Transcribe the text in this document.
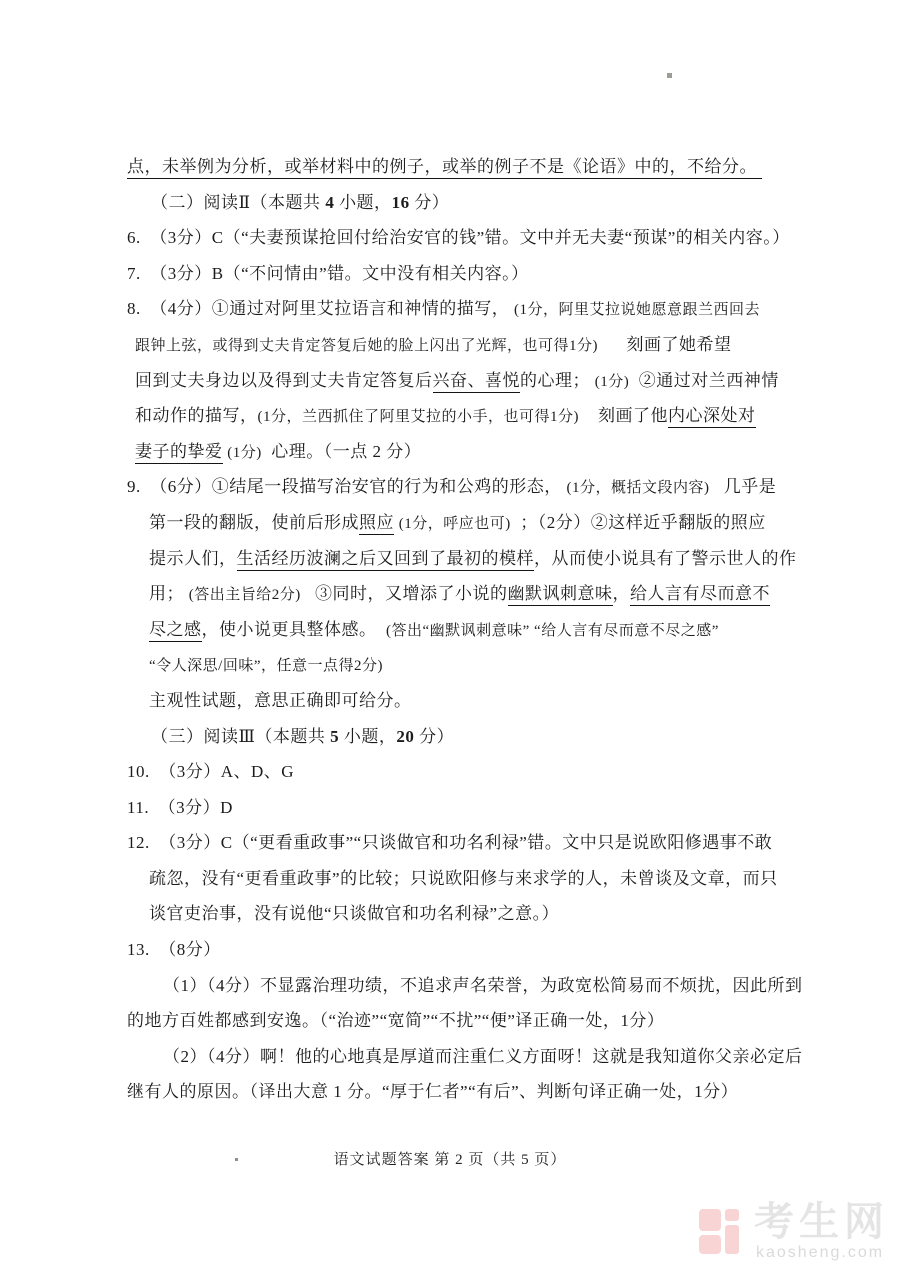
点，未举例为分析，或举材料中的例子，或举的例子不是《论语》中的，不给分。
（二）阅读Ⅱ（本题共 4 小题，16 分）
6.  （3分）C（“夫妻预谋抢回付给治安官的钱”错。文中并无夫妻“预谋”的相关内容。）
7.  （3分）B（“不问情由”错。文中没有相关内容。）
8.  （4分）①通过对阿里艾拉语言和神情的描写， (1分，阿里艾拉说她愿意跟兰西回去
跟钟上弦，或得到丈夫肯定答复后她的脸上闪出了光辉，也可得1分)      刻画了她希望
回到丈夫身边以及得到丈夫肯定答复后兴奋、喜悦的心理； (1分)  ②通过对兰西神情
和动作的描写，(1分，兰西抓住了阿里艾拉的小手，也可得1分)    刻画了他内心深处对
妻子的挚爱 (1分)  心理。（一点 2 分）
9.  （6分）①结尾一段描写治安官的行为和公鸡的形态， (1分，概括文段内容)   几乎是
第一段的翻版，使前后形成照应 (1分，呼应也可)  ；（2分）②这样近乎翻版的照应
提示人们，生活经历波澜之后又回到了最初的模样，从而使小说具有了警示世人的作
用； (答出主旨给2分)   ③同时，又增添了小说的幽默讽刺意味，给人言有尽而意不
尽之感，使小说更具整体感。  (答出“幽默讽刺意味” “给人言有尽而意不尽之感”
“令人深思/回味”，任意一点得2分)
主观性试题，意思正确即可给分。
（三）阅读Ⅲ（本题共 5 小题，20 分）
10.  （3分）A、D、G
11.  （3分）D
12.  （3分）C（“更看重政事”“只谈做官和功名利禄”错。文中只是说欧阳修遇事不敢
疏忽，没有“更看重政事”的比较；只说欧阳修与来求学的人，未曾谈及文章，而只
谈官吏治事，没有说他“只谈做官和功名利禄”之意。）
13.  （8分）
（1）（4分）不显露治理功绩，不追求声名荣誉，为政宽松简易而不烦扰，因此所到
的地方百姓都感到安逸。（“治迹”“宽简”“不扰”“便”译正确一处，1分）
（2）（4分）啊！他的心地真是厚道而注重仁义方面呀！这就是我知道你父亲必定后
继有人的原因。（译出大意 1 分。“厚于仁者”“有后”、判断句译正确一处，1分）
语文试题答案 第 2 页（共 5 页）
考生网
kaosheng.com
